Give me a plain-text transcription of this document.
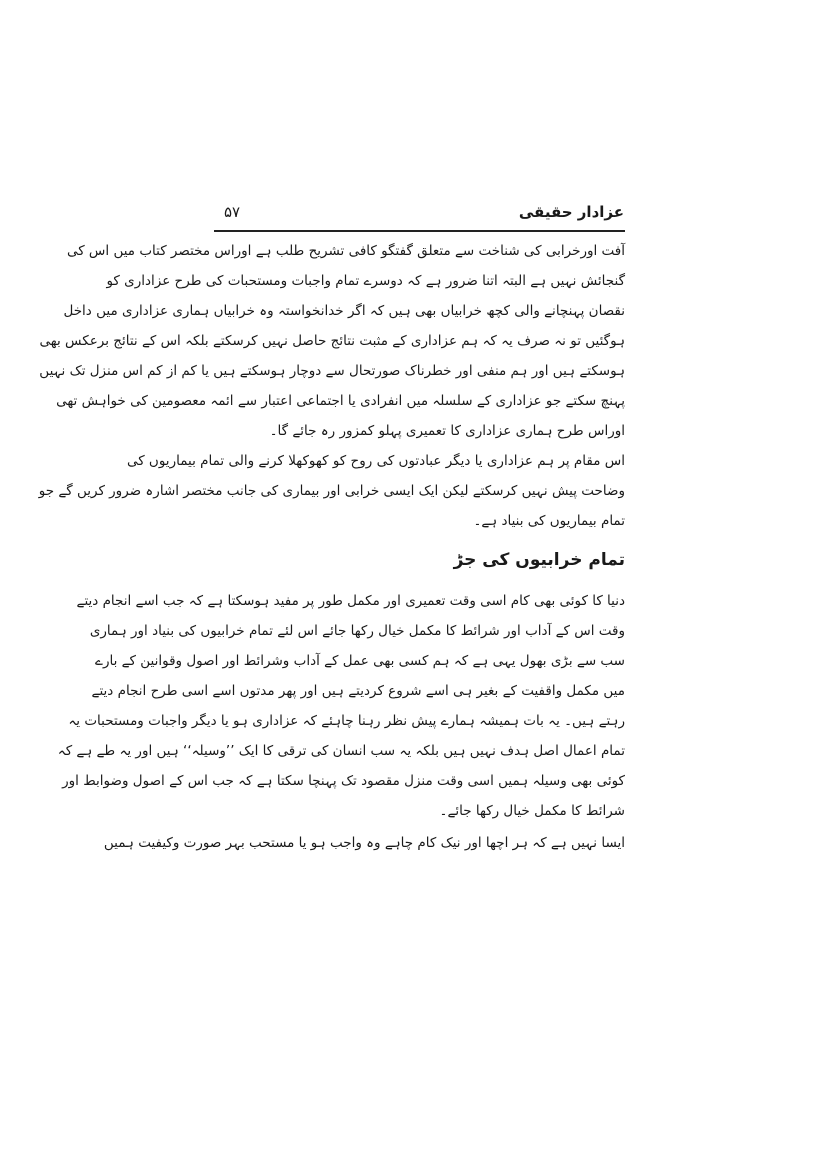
عزادار حقیقی
۵۷
آفت اورخرابی کی شناخت سے متعلق گفتگو کافی تشریح طلب ہے اوراس مختصر کتاب میں اس کی
گنجائش نہیں ہے البتہ اتنا ضرور ہے کہ دوسرے تمام واجبات ومستحبات کی طرح عزاداری کو
نقصان پہنچانے والی کچھ خرابیاں بھی ہیں کہ اگر خدانخواستہ وہ خرابیاں ہماری عزاداری میں داخل
ہوگئیں تو نہ صرف یہ کہ ہم عزاداری کے مثبت نتائج حاصل نہیں کرسکتے بلکہ اس کے نتائج برعکس بھی
ہوسکتے ہیں اور ہم منفی اور خطرناک صورتحال سے دوچار ہوسکتے ہیں یا کم از کم اس منزل تک نہیں
پہنچ سکتے جو عزاداری کے سلسلہ میں انفرادی یا اجتماعی اعتبار سے ائمہ معصومین کی خواہش تھی
اوراس طرح ہماری عزاداری کا تعمیری پہلو کمزور رہ جائے گا۔
اس مقام پر ہم عزاداری یا دیگر عبادتوں کی روح کو کھوکھلا کرنے والی تمام بیماریوں کی
وضاحت پیش نہیں کرسکتے لیکن ایک ایسی خرابی اور بیماری کی جانب مختصر اشارہ ضرور کریں گے جو
تمام بیماریوں کی بنیاد ہے۔
تمام خرابیوں کی جڑ
دنیا کا کوئی بھی کام اسی وقت تعمیری اور مکمل طور پر مفید ہوسکتا ہے کہ جب اسے انجام دیتے
وقت اس کے آداب اور شرائط کا مکمل خیال رکھا جائے اس لئے تمام خرابیوں کی بنیاد اور ہماری
سب سے بڑی بھول یہی ہے کہ ہم کسی بھی عمل کے آداب وشرائط اور اصول وقوانین کے بارے
میں مکمل واقفیت کے بغیر ہی اسے شروع کردیتے ہیں اور پھر مدتوں اسے اسی طرح انجام دیتے
رہتے ہیں۔ یہ بات ہمیشہ ہمارے پیش نظر رہنا چاہئے کہ عزاداری ہو یا دیگر واجبات ومستحبات یہ
تمام اعمال اصل ہدف نہیں ہیں بلکہ یہ سب انسان کی ترقی کا ایک ’’وسیلہ‘‘ ہیں اور یہ طے ہے کہ
کوئی بھی وسیلہ ہمیں اسی وقت منزل مقصود تک پہنچا سکتا ہے کہ جب اس کے اصول وضوابط اور
شرائط کا مکمل خیال رکھا جائے۔
ایسا نہیں ہے کہ ہر اچھا اور نیک کام چاہے وہ واجب ہو یا مستحب بہر صورت وکیفیت ہمیں
